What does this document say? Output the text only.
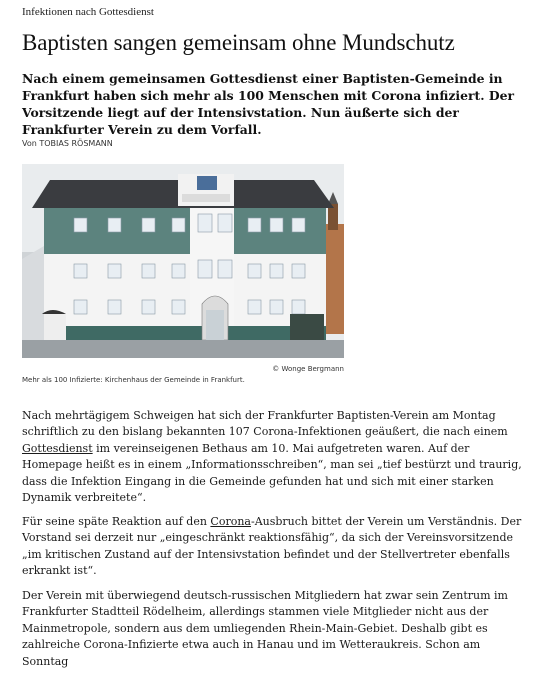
Infektionen nach Gottesdienst
Baptisten sangen gemeinsam ohne Mundschutz

Nach einem gemeinsamen Gottesdienst einer Baptisten-Gemeinde in Frankfurt haben sich mehr als 100 Menschen mit Corona infiziert. Der Vorsitzende liegt auf der Intensivstation. Nun äußerte sich der Frankfurter Verein zu dem Vorfall.

Von TOBIAS RÖSMANN
© Wonge Bergmann
Mehr als 100 Infizierte: Kirchenhaus der Gemeinde in Frankfurt.

Nach mehrtägigem Schweigen hat sich der Frankfurter Baptisten-Verein am Montag schriftlich zu den bislang bekannten 107 Corona-Infektionen geäußert, die nach einem Gottesdienst im vereinseigenen Bethaus am 10. Mai aufgetreten waren. Auf der Homepage heißt es in einem „Informationsschreiben“, man sei „tief bestürzt und traurig, dass die Infektion Eingang in die Gemeinde gefunden hat und sich mit einer starken Dynamik verbreitete“.

Für seine späte Reaktion auf den Corona-Ausbruch bittet der Verein um Verständnis. Der Vorstand sei derzeit nur „eingeschränkt reaktionsfähig“, da sich der Vereinsvorsitzende „im kritischen Zustand auf der Intensivstation befindet und der Stellvertreter ebenfalls erkrankt ist“.

Der Verein mit überwiegend deutsch-russischen Mitgliedern hat zwar sein Zentrum im Frankfurter Stadtteil Rödelheim, allerdings stammen viele Mitglieder nicht aus der Mainmetropole, sondern aus dem umliegenden Rhein-Main-Gebiet. Deshalb gibt es zahlreiche Corona-Infizierte etwa auch in Hanau und im Wetteraukreis. Schon am Sonntag
